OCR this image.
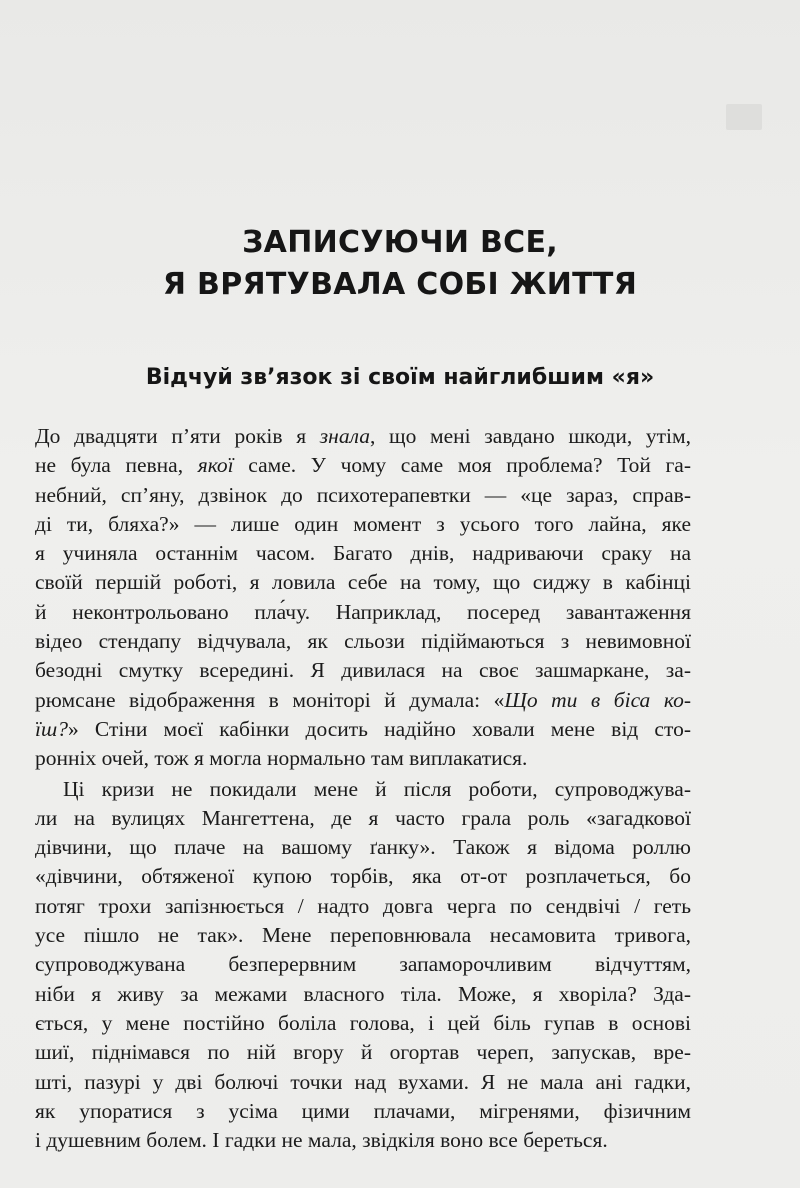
ЗАПИСУЮЧИ ВСЕ,
Я ВРЯТУВАЛА СОБІ ЖИТТЯ
Відчуй зв’язок зі своїм найглибшим «я»
До двадцяти п’яти років я знала, що мені завдано шкоди, утім,
не була певна, якої саме. У чому саме моя проблема? Той га-
небний, сп’яну, дзвінок до психотерапевтки — «це зараз, справ-
ді ти, бляха?» — лише один момент з усього того лайна, яке
я учиняла останнім часом. Багато днів, надриваючи сраку на
своїй першій роботі, я ловила себе на тому, що сиджу в кабінці
й неконтрольовано пла́чу. Наприклад, посеред завантаження
відео стендапу відчувала, як сльози підіймаються з невимовної
безодні смутку всередині. Я дивилася на своє зашмаркане, за-
рюмсане відображення в моніторі й думала: «Що ти в біса ко-
їш?» Стіни моєї кабінки досить надійно ховали мене від сто-
ронніх очей, тож я могла нормально там виплакатися.
Ці кризи не покидали мене й після роботи, супроводжува-
ли на вулицях Мангеттена, де я часто грала роль «загадкової
дівчини, що плаче на вашому ґанку». Також я відома роллю
«дівчини, обтяженої купою торбів, яка от-от розплачеться, бо
потяг трохи запізнюється / надто довга черга по сендвічі / геть
усе пішло не так». Мене переповнювала несамовита тривога,
супроводжувана безперервним запаморочливим відчуттям,
ніби я живу за межами власного тіла. Може, я хворіла? Зда-
ється, у мене постійно боліла голова, і цей біль гупав в основі
шиї, піднімався по ній вгору й огортав череп, запускав, вре-
шті, пазурі у дві болючі точки над вухами. Я не мала ані гадки,
як упоратися з усіма цими плачами, мігренями, фізичним
і душевним болем. І гадки не мала, звідкіля воно все береться.
